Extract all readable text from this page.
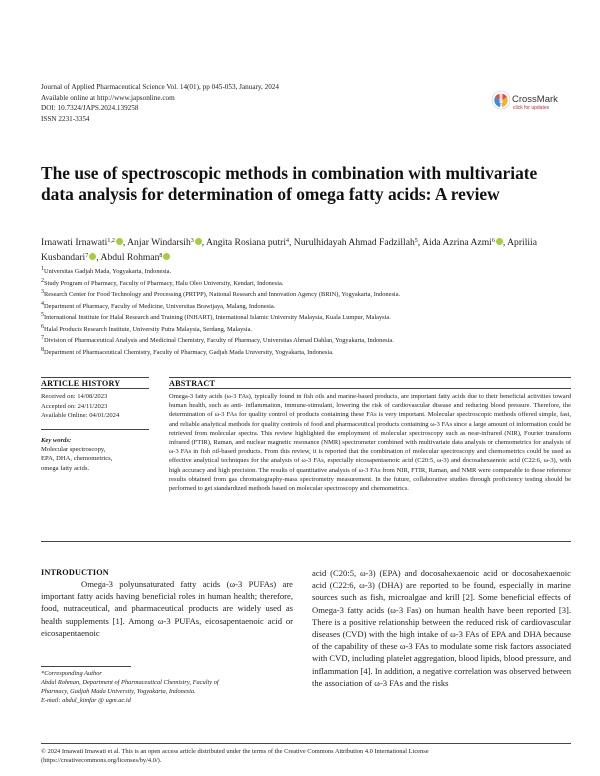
Journal of Applied Pharmaceutical Science Vol. 14(01), pp 045-053, January, 2024
Available online at http://www.japsonline.com
DOI: 10.7324/JAPS.2024.139258
ISSN 2231-3354
CrossMark
click for updates
The use of spectroscopic methods in combination with multivariate data analysis for determination of omega fatty acids: A review
Irnawati Irnawati$^{1,2}$ , Anjar Windarsih$^3$ , Angita Rosiana putri$^4$, Nurulhidayah Ahmad Fadzillah$^5$, Aida Azrina Azmi$^6$ , Apriliia Kusbandari$^7$ , Abdul Rohman$^8$
1Universitas Gadjah Mada, Yogyakarta, Indonesia.
2Study Program of Pharmacy, Faculty of Pharmacy, Halu Oleo University, Kendari, Indonesia.
3Research Center for Food Technology and Processing (PRTPP), National Research and Innovation Agency (BRIN), Yogyakarta, Indonesia.
4Department of Pharmacy, Faculty of Medicine, Universitas Brawijaya, Malang, Indonesia.
5International Institute for Halal Research and Training (INHART), International Islamic University Malaysia, Kuala Lumpur, Malaysia.
6Halal Products Research Institute, University Putra Malaysia, Serdang, Malaysia.
7Division of Pharmaceutical Analysis and Medicinal Chemistry, Faculty of Pharmacy, Universitas Ahmad Dahlan, Yogyakarta, Indonesia.
8Department of Pharmaceutical Chemistry, Faculty of Pharmacy, Gadjah Mada University, Yogyakarta, Indonesia.
ARTICLE HISTORY	ABSTRACT
Received on: 14/08/2023
Accepted on: 24/11/2023
Available Online: 04/01/2024
Key words:
Molecular spectroscopy,
EPA, DHA, chemometrics,
omega fatty acids.
Omega-3 fatty acids (ω-3 FAs), typically found in fish oils and marine-based products, are important fatty acids due to their beneficial activities toward human health, such as anti- inflammation, immune-stimulant, lowering the risk of cardiovascular disease and reducing blood pressure. Therefore, the determination of ω-3 FAs for quality control of products containing these FAs is very important. Molecular spectroscopic methods offered simple, fast, and reliable analytical methods for quality controls of food and pharmaceutical products containing ω-3 FAs since a large amount of information could be retrieved from molecular spectra. This review highlighted the employment of molecular spectroscopy such as near-infrared (NIR), Fourier transform infrared (FTIR), Raman, and nuclear magnetic resonance (NMR) spectrometer combined with multivariate data analysis or chemometrics for analysis of ω-3 FAs in fish oil-based products. From this review, it is reported that the combination of molecular spectroscopy and chemometrics could be used as effective analytical techniques for the analysis of ω-3 FAs, especially eicosapentaenoic acid (C20:5, ω-3) and docosahexaenoic acid (C22:6, ω-3), with high accuracy and high precision. The results of quantitative analysis of ω-3 FAs from NIR, FTIR, Raman, and NMR were comparable to those reference results obtained from gas chromatography-mass spectrometry measurement. In the future, collaborative studies through proficiency testing should be performed to get standardized methods based on molecular spectroscopy and chemometrics.
INTRODUCTION
Omega-3 polyunsaturated fatty acids (ω-3 PUFAs) are important fatty acids having beneficial roles in human health; therefore, food, nutraceutical, and pharmaceutical products are widely used as health supplements [1]. Among ω-3 PUFAs, eicosapentaenoic acid or eicosapentaenoic
acid (C20:5, ω-3) (EPA) and docosahexaenoic acid or docosahexaenoic acid (C22:6, ω-3) (DHA) are reported to be found, especially in marine sources such as fish, microalgae and krill [2]. Some beneficial effects of Omega-3 fatty acids (ω-3 Fas) on human health have been reported [3]. There is a positive relationship between the reduced risk of cardiovascular diseases (CVD) with the high intake of ω-3 FAs of EPA and DHA because of the capability of these ω-3 FAs to modulate some risk factors associated with CVD, including platelet aggregation, blood lipids, blood pressure, and inflammation [4]. In addition, a negative correlation was observed between the association of ω-3 FAs and the risks
*Corresponding Author
Abdul Rohman, Department of Pharmaceutical Chemistry, Faculty of
Pharmacy, Gadjah Mada University, Yogyakarta, Indonesia.
E-mail: abdul_kimfar @ ugm.ac.id
© 2024 Irnawati Irnawati et al. This is an open access article distributed under the terms of the Creative Commons Attribution 4.0 International License
(https://creativecommons.org/licenses/by/4.0/).
